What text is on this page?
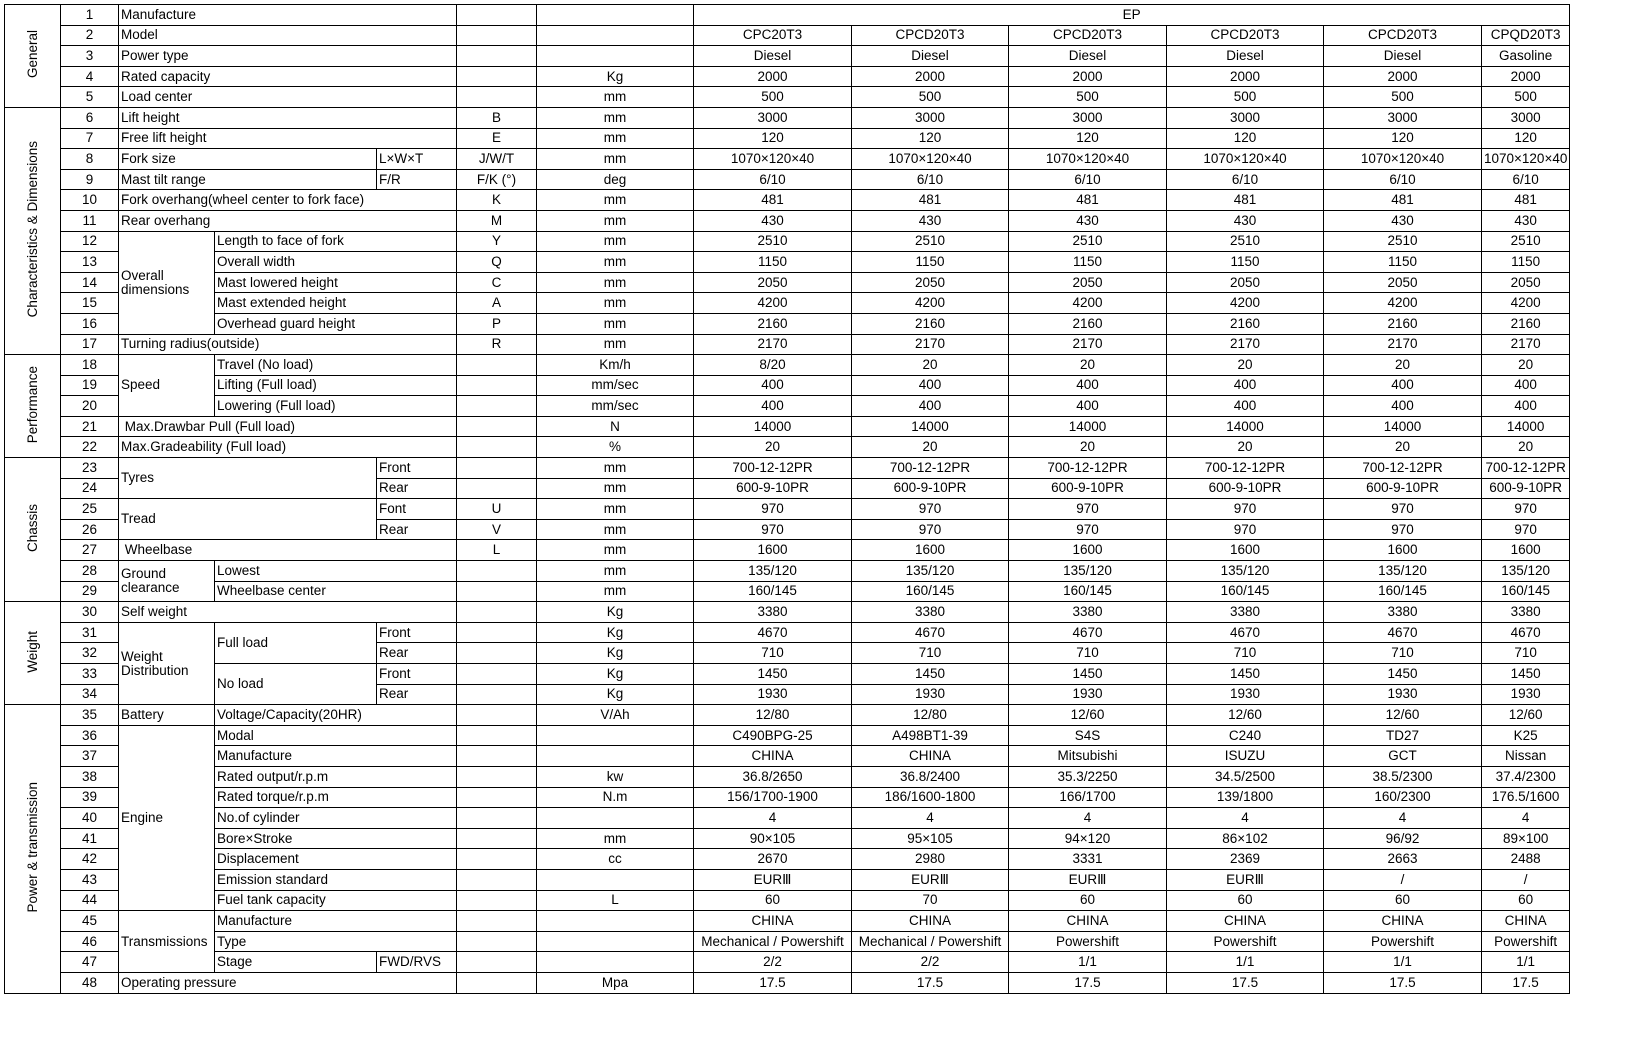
General	1	Manufacture					EP					
	2	Model					CPC20T3	CPCD20T3	CPCD20T3	CPCD20T3	CPCD20T3	CPQD20T3
	3	Power type					Diesel	Diesel	Diesel	Diesel	Diesel	Gasoline
	4	Rated capacity				Kg	2000	2000	2000	2000	2000	2000
	5	Load center				mm	500	500	500	500	500	500
Characteristics & Dimensions	6	Lift height			B	mm	3000	3000	3000	3000	3000	3000
	7	Free lift height			E	mm	120	120	120	120	120	120
	8	Fork size		L×W×T	J/W/T	mm	1070×120×40	1070×120×40	1070×120×40	1070×120×40	1070×120×40	1070×120×40
	9	Mast tilt range		F/R	F/K (°)	deg	6/10	6/10	6/10	6/10	6/10	6/10
	10	Fork overhang(wheel center to fork face)			K	mm	481	481	481	481	481	481
	11	Rear overhang			M	mm	430	430	430	430	430	430
	12	Overall dimensions	Length to face of fork		Y	mm	2510	2510	2510	2510	2510	2510
	13		Overall width		Q	mm	1150	1150	1150	1150	1150	1150
	14		Mast lowered height		C	mm	2050	2050	2050	2050	2050	2050
	15		Mast extended height		A	mm	4200	4200	4200	4200	4200	4200
	16		Overhead guard height		P	mm	2160	2160	2160	2160	2160	2160
	17	Turning radius(outside)			R	mm	2170	2170	2170	2170	2170	2170
Performance	18	Speed	Travel (No load)			Km/h	8/20	20	20	20	20	20
	19		Lifting (Full load)			mm/sec	400	400	400	400	400	400
	20		Lowering (Full load)			mm/sec	400	400	400	400	400	400
	21	Max.Drawbar Pull (Full load)				N	14000	14000	14000	14000	14000	14000
	22	Max.Gradeability (Full load)				%	20	20	20	20	20	20
Chassis	23	Tyres		Front		mm	700-12-12PR	700-12-12PR	700-12-12PR	700-12-12PR	700-12-12PR	700-12-12PR
	24			Rear		mm	600-9-10PR	600-9-10PR	600-9-10PR	600-9-10PR	600-9-10PR	600-9-10PR
	25	Tread		Font	U	mm	970	970	970	970	970	970
	26			Rear	V	mm	970	970	970	970	970	970
	27	Wheelbase			L	mm	1600	1600	1600	1600	1600	1600
	28	Ground clearance	Lowest			mm	135/120	135/120	135/120	135/120	135/120	135/120
	29		Wheelbase center			mm	160/145	160/145	160/145	160/145	160/145	160/145
Weight	30	Self weight				Kg	3380	3380	3380	3380	3380	3380
	31	Weight Distribution	Full load	Front		Kg	4670	4670	4670	4670	4670	4670
	32			Rear		Kg	710	710	710	710	710	710
	33		No load	Front		Kg	1450	1450	1450	1450	1450	1450
	34			Rear		Kg	1930	1930	1930	1930	1930	1930
Power & transmission	35	Battery	Voltage/Capacity(20HR)			V/Ah	12/80	12/80	12/60	12/60	12/60	12/60
	36	Engine	Modal				C490BPG-25	A498BT1-39	S4S	C240	TD27	K25
	37		Manufacture				CHINA	CHINA	Mitsubishi	ISUZU	GCT	Nissan
	38		Rated output/r.p.m			kw	36.8/2650	36.8/2400	35.3/2250	34.5/2500	38.5/2300	37.4/2300
	39		Rated torque/r.p.m			N.m	156/1700-1900	186/1600-1800	166/1700	139/1800	160/2300	176.5/1600
	40		No.of cylinder				4	4	4	4	4	4
	41		Bore×Stroke			mm	90×105	95×105	94×120	86×102	96/92	89×100
	42		Displacement			cc	2670	2980	3331	2369	2663	2488
	43		Emission standard				EURⅢ	EURⅢ	EURⅢ	EURⅢ	/	/
	44		Fuel tank capacity			L	60	70	60	60	60	60
	45	Transmissions	Manufacture				CHINA	CHINA	CHINA	CHINA	CHINA	CHINA
	46		Type				Mechanical / Powershift	Mechanical / Powershift	Powershift	Powershift	Powershift	Powershift
	47		Stage	FWD/RVS			2/2	2/2	1/1	1/1	1/1	1/1
	48	Operating pressure				Mpa	17.5	17.5	17.5	17.5	17.5	17.5
